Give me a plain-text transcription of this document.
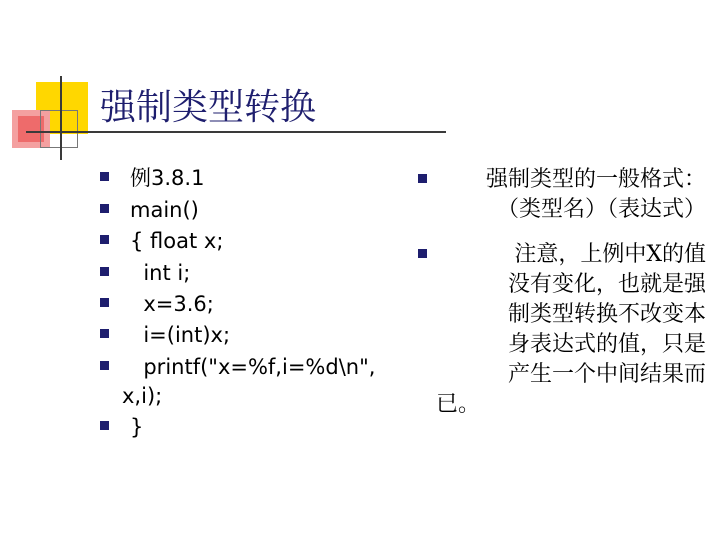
强制类型转换
例3.8.1
main()
{ float x;
int i;
x=3.6;
i=(int)x;
printf("x=%f,i=%d\n",
x,i);
}
强制类型的一般格式：
（类型名）（表达式）
注意，上例中X的值
没有变化，也就是强
制类型转换不改变本
身表达式的值，只是
产生一个中间结果而
已。
